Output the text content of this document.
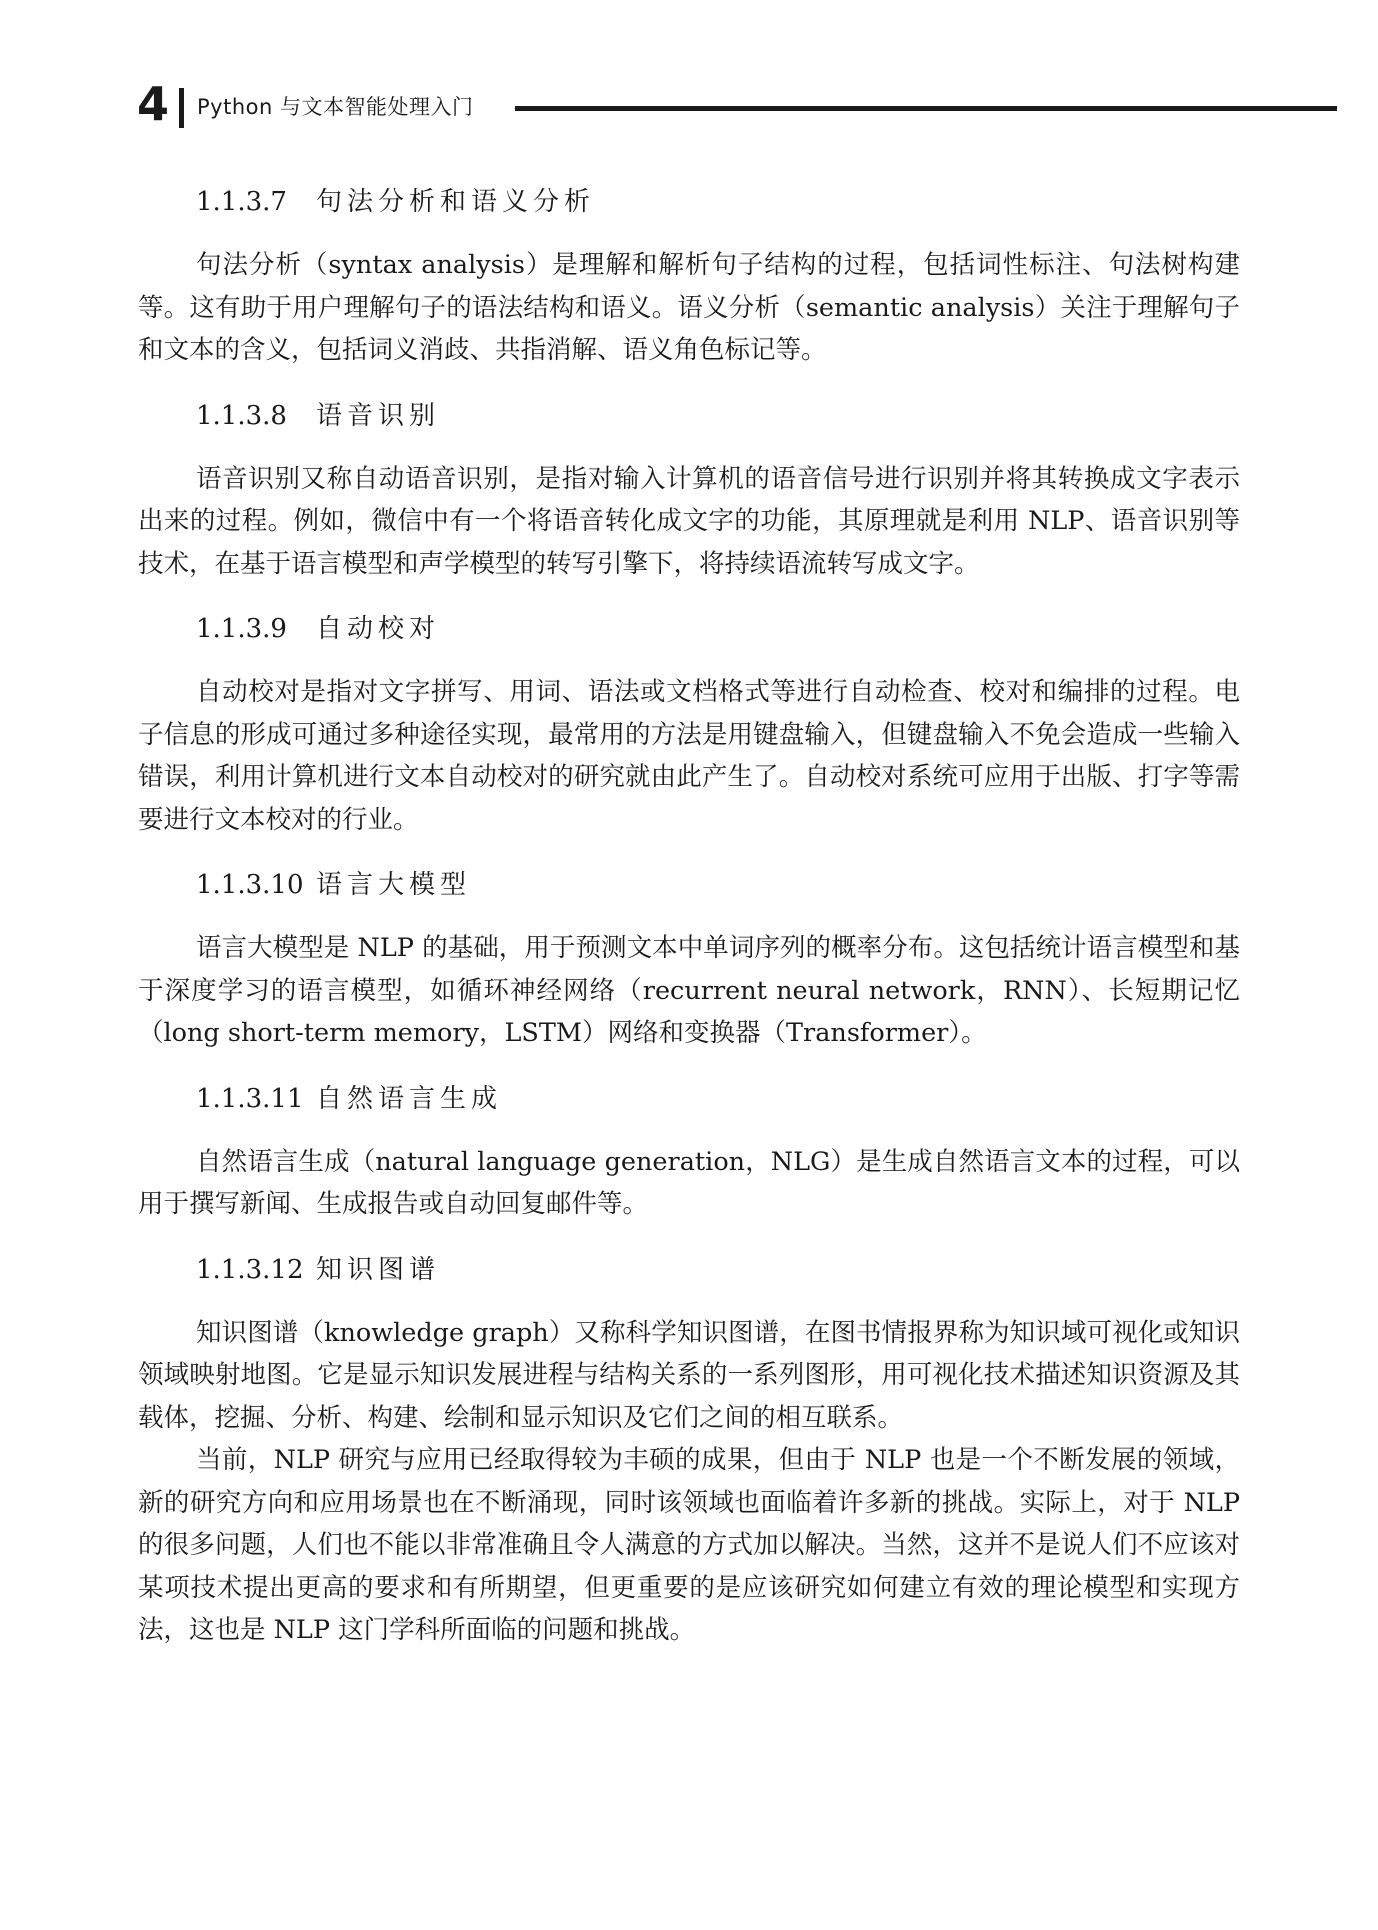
4 Python 与文本智能处理入门
1.1.3.7 句法分析和语义分析

句法分析（syntax analysis）是理解和解析句子结构的过程，包括词性标注、句法树构建等。这有助于用户理解句子的语法结构和语义。语义分析（semantic analysis）关注于理解句子和文本的含义，包括词义消歧、共指消解、语义角色标记等。

1.1.3.8 语音识别

语音识别又称自动语音识别，是指对输入计算机的语音信号进行识别并将其转换成文字表示出来的过程。例如，微信中有一个将语音转化成文字的功能，其原理就是利用 NLP、语音识别等技术，在基于语言模型和声学模型的转写引擎下，将持续语流转写成文字。

1.1.3.9 自动校对

自动校对是指对文字拼写、用词、语法或文档格式等进行自动检查、校对和编排的过程。电子信息的形成可通过多种途径实现，最常用的方法是用键盘输入，但键盘输入不免会造成一些输入错误，利用计算机进行文本自动校对的研究就由此产生了。自动校对系统可应用于出版、打字等需要进行文本校对的行业。

1.1.3.10 语言大模型

语言大模型是 NLP 的基础，用于预测文本中单词序列的概率分布。这包括统计语言模型和基于深度学习的语言模型，如循环神经网络（recurrent neural network，RNN）、长短期记忆（long short-term memory，LSTM）网络和变换器（Transformer）。

1.1.3.11 自然语言生成

自然语言生成（natural language generation，NLG）是生成自然语言文本的过程，可以用于撰写新闻、生成报告或自动回复邮件等。

1.1.3.12 知识图谱

知识图谱（knowledge graph）又称科学知识图谱，在图书情报界称为知识域可视化或知识领域映射地图。它是显示知识发展进程与结构关系的一系列图形，用可视化技术描述知识资源及其载体，挖掘、分析、构建、绘制和显示知识及它们之间的相互联系。

当前，NLP 研究与应用已经取得较为丰硕的成果，但由于 NLP 也是一个不断发展的领域，新的研究方向和应用场景也在不断涌现，同时该领域也面临着许多新的挑战。实际上，对于 NLP 的很多问题，人们也不能以非常准确且令人满意的方式加以解决。当然，这并不是说人们不应该对某项技术提出更高的要求和有所期望，但更重要的是应该研究如何建立有效的理论模型和实现方法，这也是 NLP 这门学科所面临的问题和挑战。
